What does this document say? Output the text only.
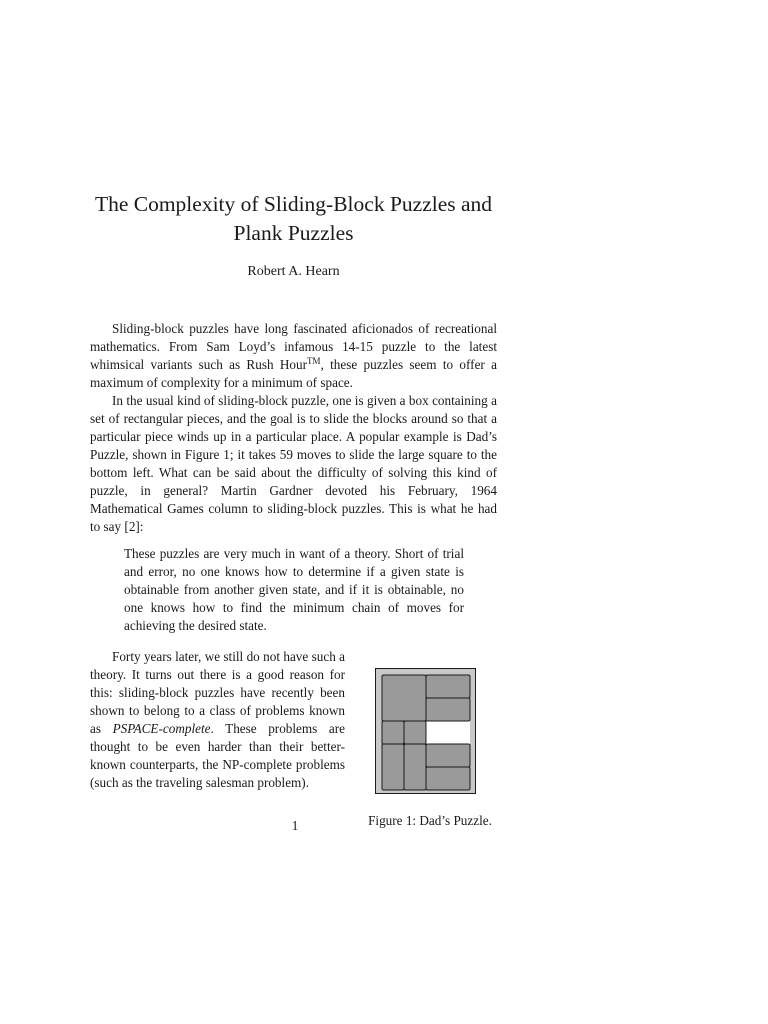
The Complexity of Sliding-Block Puzzles and Plank Puzzles

Robert A. Hearn

Sliding-block puzzles have long fascinated aficionados of recreational mathematics. From Sam Loyd’s infamous 14-15 puzzle to the latest whimsical variants such as Rush Hour™, these puzzles seem to offer a maximum of complexity for a minimum of space.

In the usual kind of sliding-block puzzle, one is given a box containing a set of rectangular pieces, and the goal is to slide the blocks around so that a particular piece winds up in a particular place. A popular example is Dad’s Puzzle, shown in Figure 1; it takes 59 moves to slide the large square to the bottom left. What can be said about the difficulty of solving this kind of puzzle, in general? Martin Gardner devoted his February, 1964 Mathematical Games column to sliding-block puzzles. This is what he had to say [2]:

These puzzles are very much in want of a theory. Short of trial and error, no one knows how to determine if a given state is obtainable from another given state, and if it is obtainable, no one knows how to find the minimum chain of moves for achieving the desired state.

Forty years later, we still do not have such a theory. It turns out there is a good reason for this: sliding-block puzzles have recently been shown to belong to a class of problems known as PSPACE-complete. These problems are thought to be even harder than their better-known counterparts, the NP-complete problems (such as the traveling salesman problem).

Figure 1: Dad’s Puzzle.

1
